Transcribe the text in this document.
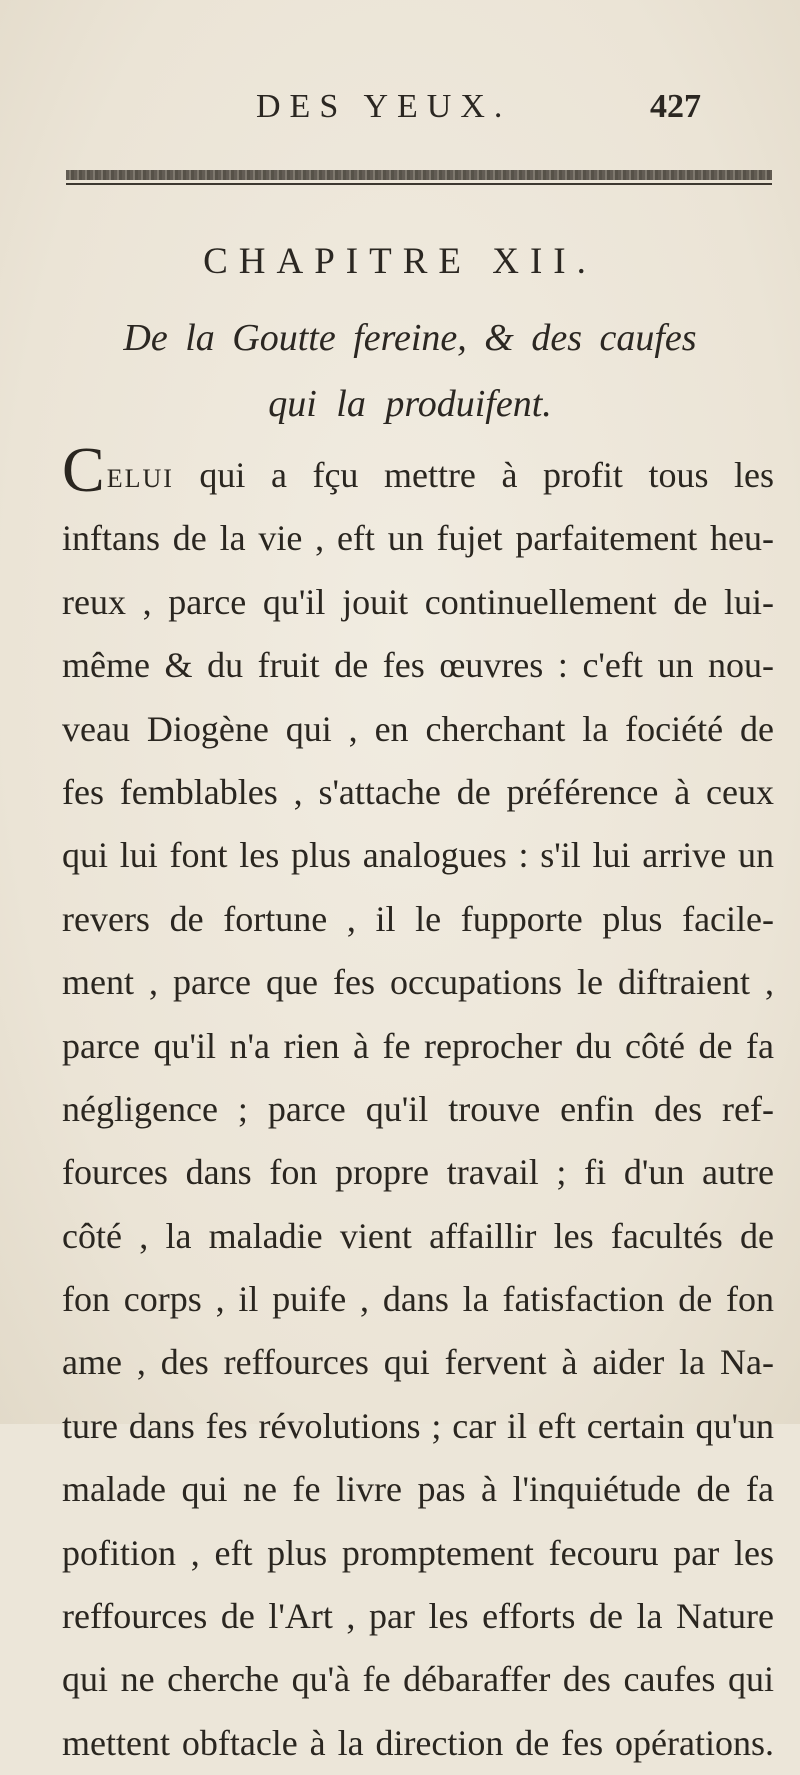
DES YEUX.	427
CHAPITRE XII.
De la Goutte fereine, & des caufes
qui la produifent.
CELUI qui a fçu mettre à profit tous les
inftans de la vie , eft un fujet parfaitement heu-
reux , parce qu'il jouit continuellement de lui-
même & du fruit de fes œuvres : c'eft un nou-
veau Diogène qui , en cherchant la fociété de
fes femblables , s'attache de préférence à ceux
qui lui font les plus analogues : s'il lui arrive un
revers de fortune , il le fupporte plus facile-
ment , parce que fes occupations le diftraient ,
parce qu'il n'a rien à fe reprocher du côté de fa
négligence ; parce qu'il trouve enfin des ref-
fources dans fon propre travail ; fi d'un autre
côté , la maladie vient affaillir les facultés de
fon corps , il puife , dans la fatisfaction de fon
ame , des reffources qui fervent à aider la Na-
ture dans fes révolutions ; car il eft certain qu'un
malade qui ne fe livre pas à l'inquiétude de fa
pofition , eft plus promptement fecouru par les
reffources de l'Art , par les efforts de la Nature
qui ne cherche qu'à fe débaraffer des caufes qui
mettent obftacle à la direction de fes opérations.
